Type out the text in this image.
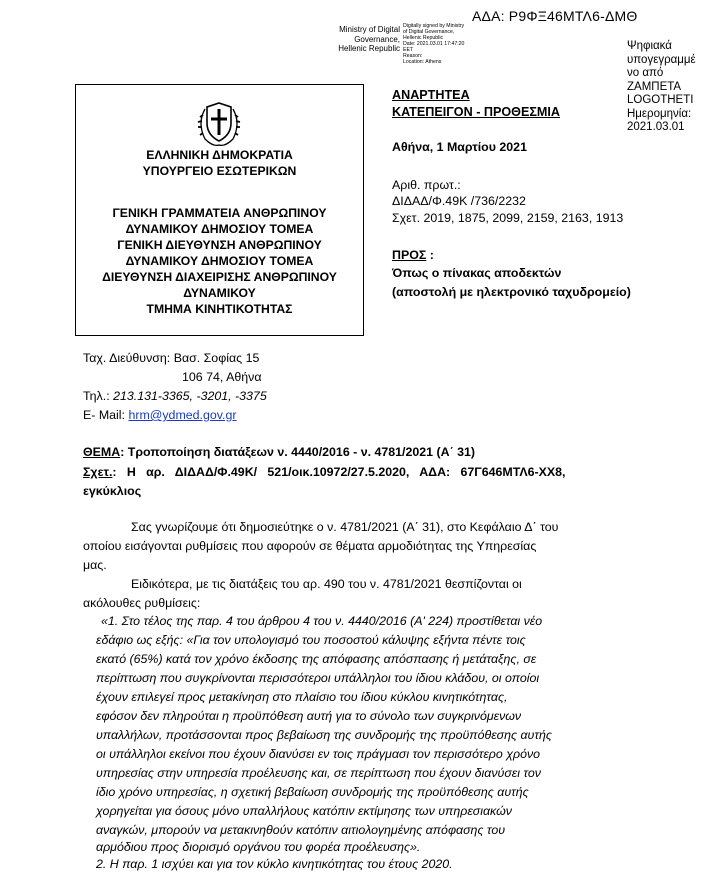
ΑΔΑ: Ρ9ΦΞ46ΜΤΛ6-ΔΜΘ
Ministry of Digital
Governance,
Hellenic Republic
Digitally signed by Ministry
of Digital Governance,
Hellenic Republic
Date: 2021.03.01 17:47:20
EET
Reason:
Location: Athens
Ψηφιακά
υπογεγραμμέ
νο από
ΖΑΜΠΕΤΑ
LOGOTHETI
Ημερομηνία:
2021.03.01
ΕΛΛΗΝΙΚΗ ΔΗΜΟΚΡΑΤΙΑ
ΥΠΟΥΡΓΕΙΟ ΕΣΩΤΕΡΙΚΩΝ
ΓΕΝΙΚΗ ΓΡΑΜΜΑΤΕΙΑ ΑΝΘΡΩΠΙΝΟΥ
ΔΥΝΑΜΙΚΟΥ ΔΗΜΟΣΙΟΥ ΤΟΜΕΑ
ΓΕΝΙΚΗ ΔΙΕΥΘΥΝΣΗ ΑΝΘΡΩΠΙΝΟΥ
ΔΥΝΑΜΙΚΟΥ ΔΗΜΟΣΙΟΥ ΤΟΜΕΑ
ΔΙΕΥΘΥΝΣΗ ΔΙΑΧΕΙΡΙΣΗΣ ΑΝΘΡΩΠΙΝΟΥ
ΔΥΝΑΜΙΚΟΥ
ΤΜΗΜΑ ΚΙΝΗΤΙΚΟΤΗΤΑΣ
ΑΝΑΡΤΗΤΕΑ
ΚΑΤΕΠΕΙΓΟΝ - ΠΡΟΘΕΣΜΙΑ
Αθήνα, 1 Μαρτίου 2021
Αριθ. πρωτ.:
ΔΙΔΑΔ/Φ.49Κ /736/2232
Σχετ. 2019, 1875, 2099, 2159, 2163, 1913
ΠΡΟΣ :
Όπως ο πίνακας αποδεκτών
(αποστολή με ηλεκτρονικό ταχυδρομείο)
Ταχ. Διεύθυνση: Βασ. Σοφίας 15
106 74, Αθήνα
Τηλ.: 213.131-3365, -3201, -3375
E- Mail: hrm@ydmed.gov.gr
ΘΕΜΑ: Τροποποίηση διατάξεων ν. 4440/2016 - ν. 4781/2021 (Α΄ 31)
Σχετ.:   Η   αρ.   ΔΙΔΑΔ/Φ.49Κ/   521/οικ.10972/27.5.2020,   ΑΔΑ:   67Γ646ΜΤΛ6-ΧΧ8,
εγκύκλιος
Σας γνωρίζουμε ότι δημοσιεύτηκε ο ν. 4781/2021 (Α΄ 31), στο Κεφάλαιο Δ΄ του
οποίου εισάγονται ρυθμίσεις που αφορούν σε θέματα αρμοδιότητας της Υπηρεσίας
μας.
Ειδικότερα, με τις διατάξεις του αρ. 490 του ν. 4781/2021 θεσπίζονται οι
ακόλουθες ρυθμίσεις:
«1. Στο τέλος της παρ. 4 του άρθρου 4 του ν. 4440/2016 (Α' 224) προστίθεται νέο
εδάφιο ως εξής: «Για τον υπολογισμό του ποσοστού κάλυψης εξήντα πέντε τοις
εκατό (65%) κατά τον χρόνο έκδοσης της απόφασης απόσπασης ή μετάταξης, σε
περίπτωση που συγκρίνονται περισσότεροι υπάλληλοι του ίδιου κλάδου, οι οποίοι
έχουν επιλεγεί προς μετακίνηση στο πλαίσιο του ίδιου κύκλου κινητικότητας,
εφόσον δεν πληρούται η προϋπόθεση αυτή για το σύνολο των συγκρινόμενων
υπαλλήλων, προτάσσονται προς βεβαίωση της συνδρομής της προϋπόθεσης αυτής
οι υπάλληλοι εκείνοι που έχουν διανύσει εν τοις πράγμασι τον περισσότερο χρόνο
υπηρεσίας στην υπηρεσία προέλευσης και, σε περίπτωση που έχουν διανύσει τον
ίδιο χρόνο υπηρεσίας, η σχετική βεβαίωση συνδρομής της προϋπόθεσης αυτής
χορηγείται για όσους μόνο υπαλλήλους κατόπιν εκτίμησης των υπηρεσιακών
αναγκών, μπορούν να μετακινηθούν κατόπιν αιτιολογημένης απόφασης του
αρμόδιου προς διορισμό οργάνου του φορέα προέλευσης».
2. Η παρ. 1 ισχύει και για τον κύκλο κινητικότητας του έτους 2020.
